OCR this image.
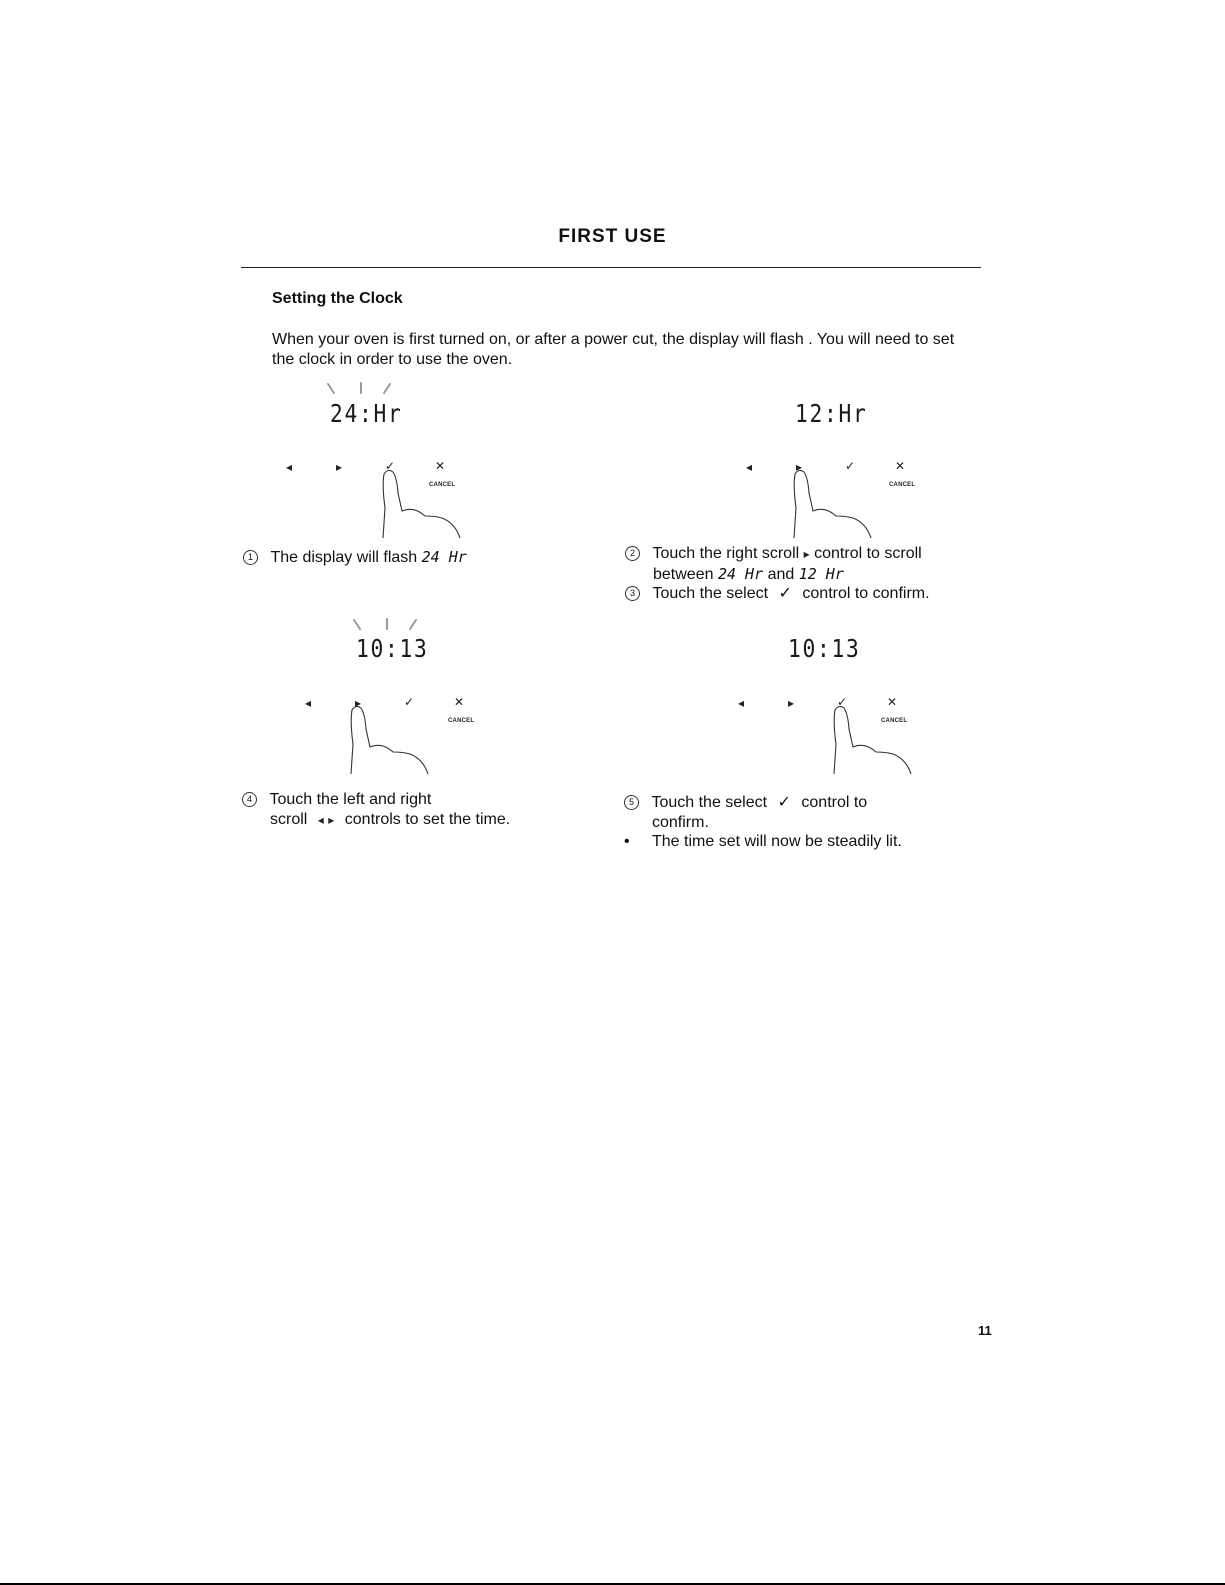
FIRST USE
Setting the Clock
When your oven is first turned on, or after a power cut, the display will flash . You will need to set the clock in order to use the oven.
24:Hr
◂	▸	✓	✕
CANCEL
12:Hr
◂	▸	✓	✕
CANCEL
10:13
◂	▸	✓	✕
CANCEL
10:13
◂	▸	✓	✕
CANCEL
1 The display will flash 24 Hr	2 Touch the right scroll ▸ control to scroll
between 24 Hr and 12 Hr
3 Touch the select ✓ control to confirm.
4 Touch the left and right
scroll ◂ ▸ controls to set the time.
5 Touch the select ✓ control to
confirm.
• The time set will now be steadily lit.
11
